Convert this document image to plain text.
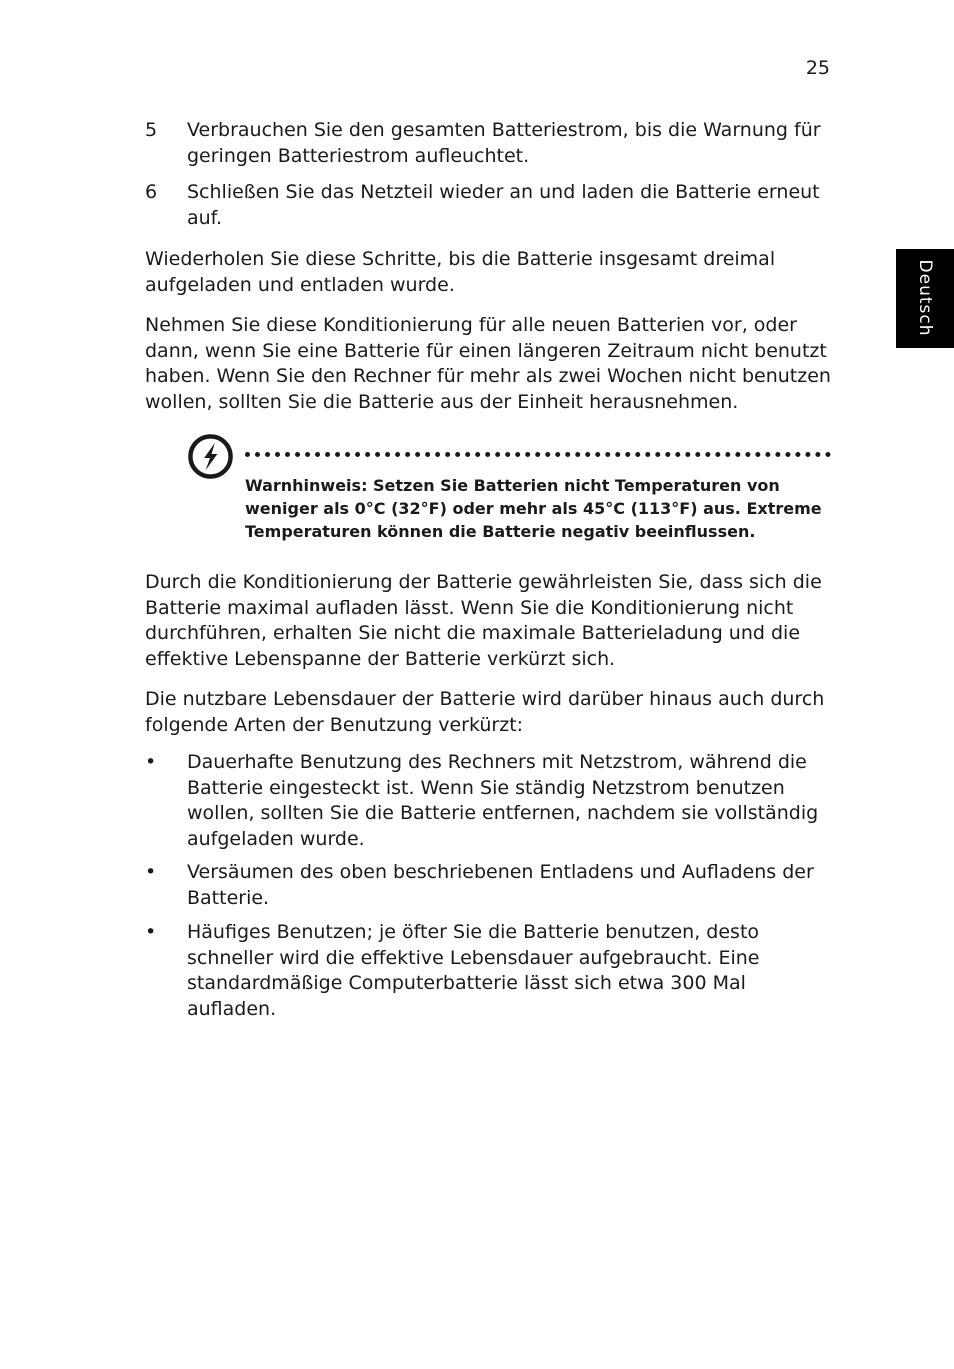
25
Deutsch
5 Verbrauchen Sie den gesamten Batteriestrom, bis die Warnung für geringen Batteriestrom aufleuchtet.
6 Schließen Sie das Netzteil wieder an und laden die Batterie erneut auf.
Wiederholen Sie diese Schritte, bis die Batterie insgesamt dreimal aufgeladen und entladen wurde.
Nehmen Sie diese Konditionierung für alle neuen Batterien vor, oder dann, wenn Sie eine Batterie für einen längeren Zeitraum nicht benutzt haben. Wenn Sie den Rechner für mehr als zwei Wochen nicht benutzen wollen, sollten Sie die Batterie aus der Einheit herausnehmen.
Warnhinweis: Setzen Sie Batterien nicht Temperaturen von weniger als 0°C (32°F) oder mehr als 45°C (113°F) aus. Extreme Temperaturen können die Batterie negativ beeinflussen.
Durch die Konditionierung der Batterie gewährleisten Sie, dass sich die Batterie maximal aufladen lässt. Wenn Sie die Konditionierung nicht durchführen, erhalten Sie nicht die maximale Batterieladung und die effektive Lebenspanne der Batterie verkürzt sich.
Die nutzbare Lebensdauer der Batterie wird darüber hinaus auch durch folgende Arten der Benutzung verkürzt:
• Dauerhafte Benutzung des Rechners mit Netzstrom, während die Batterie eingesteckt ist. Wenn Sie ständig Netzstrom benutzen wollen, sollten Sie die Batterie entfernen, nachdem sie vollständig aufgeladen wurde.
• Versäumen des oben beschriebenen Entladens und Aufladens der Batterie.
• Häufiges Benutzen; je öfter Sie die Batterie benutzen, desto schneller wird die effektive Lebensdauer aufgebraucht. Eine standardmäßige Computerbatterie lässt sich etwa 300 Mal aufladen.
